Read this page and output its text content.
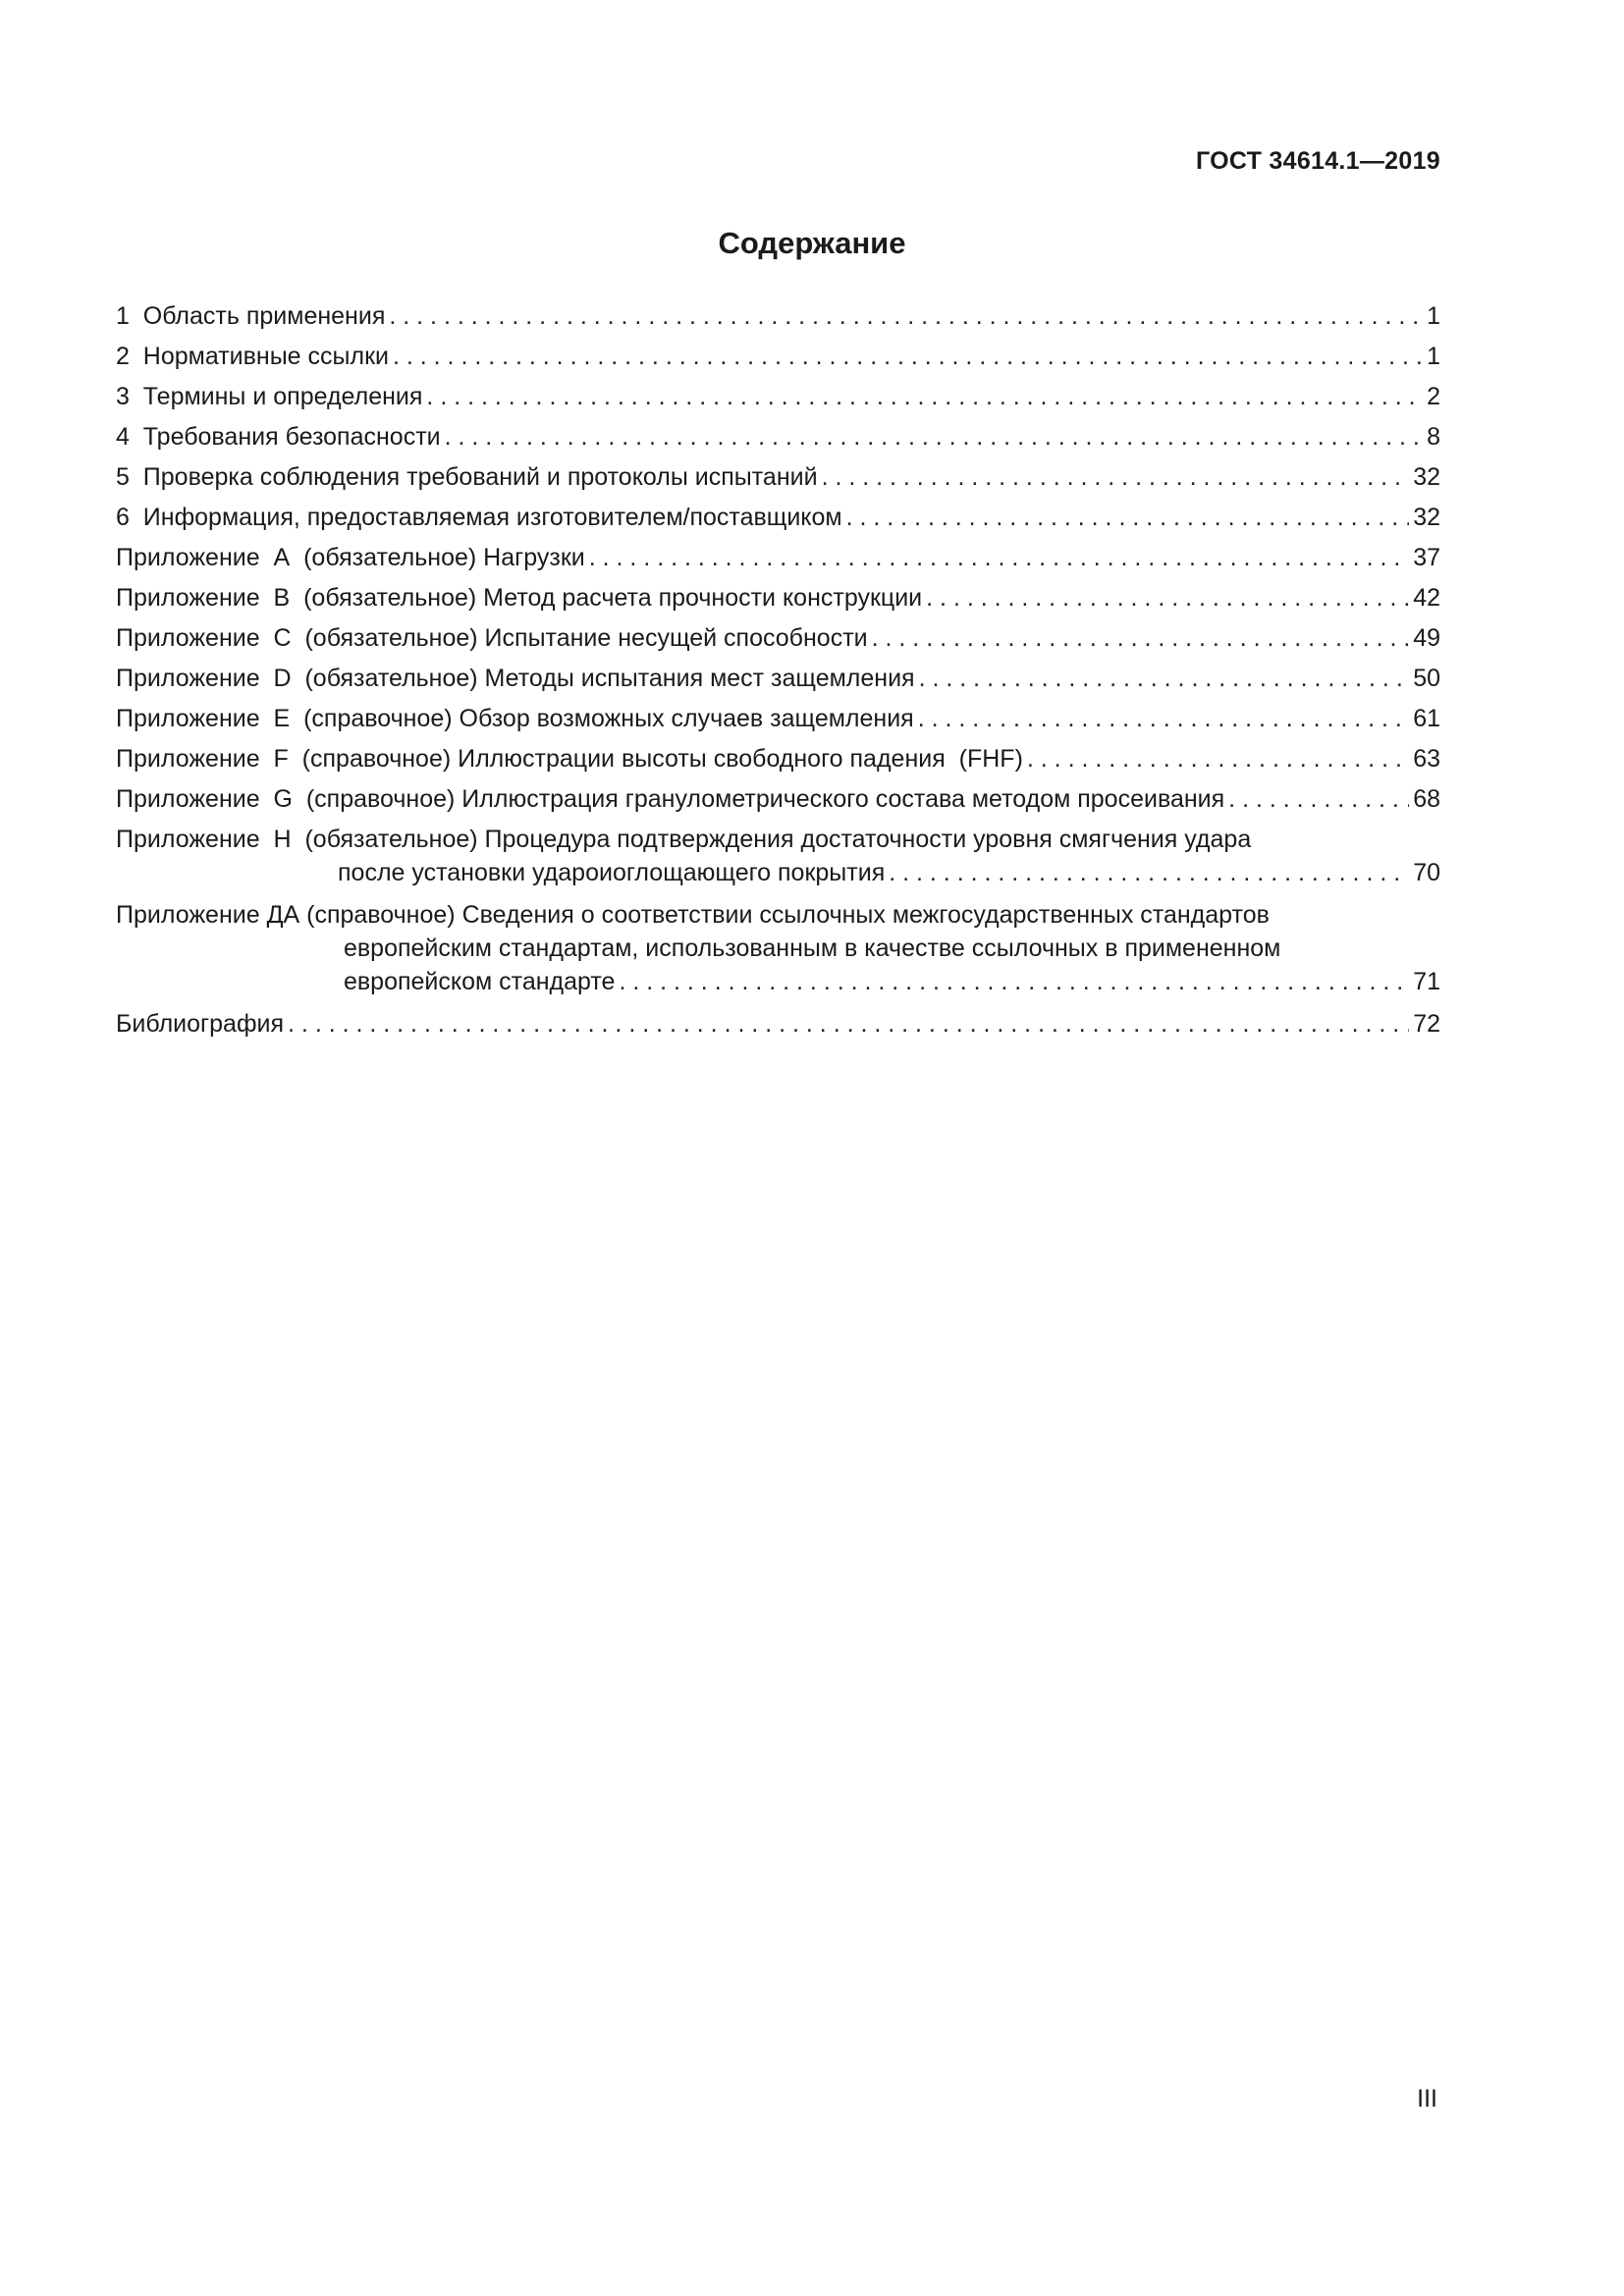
ГОСТ 34614.1—2019
Содержание
1  Область применения . . .	1
2  Нормативные ссылки . . .	1
3  Термины и определения . . .	2
4  Требования безопасности . . .	8
5  Проверка соблюдения требований и протоколы испытаний . . .	32
6  Информация, предоставляемая изготовителем/поставщиком . . .	32
Приложение  А  (обязательное) Нагрузки . . .	37
Приложение  В  (обязательное) Метод расчета прочности конструкции . . .	42
Приложение  С  (обязательное) Испытание несущей способности . . .	49
Приложение  D  (обязательное) Методы испытания мест защемления . . .	50
Приложение  Е  (справочное) Обзор возможных случаев защемления . . .	61
Приложение  F  (справочное) Иллюстрации высоты свободного падения  (FHF) . . .	63
Приложение  G  (справочное) Иллюстрация гранулометрического состава методом просеивания . . .	68
Приложение  Н  (обязательное) Процедура подтверждения достаточности уровня смягчения удара
после установки удароиоглощающего покрытия . . .	70
Приложение ДА (справочное) Сведения о соответствии ссылочных межгосударственных стандартов
европейским стандартам, использованным в качестве ссылочных в примененном
европейском стандарте . . .	71
Библиография . . .	72
III
